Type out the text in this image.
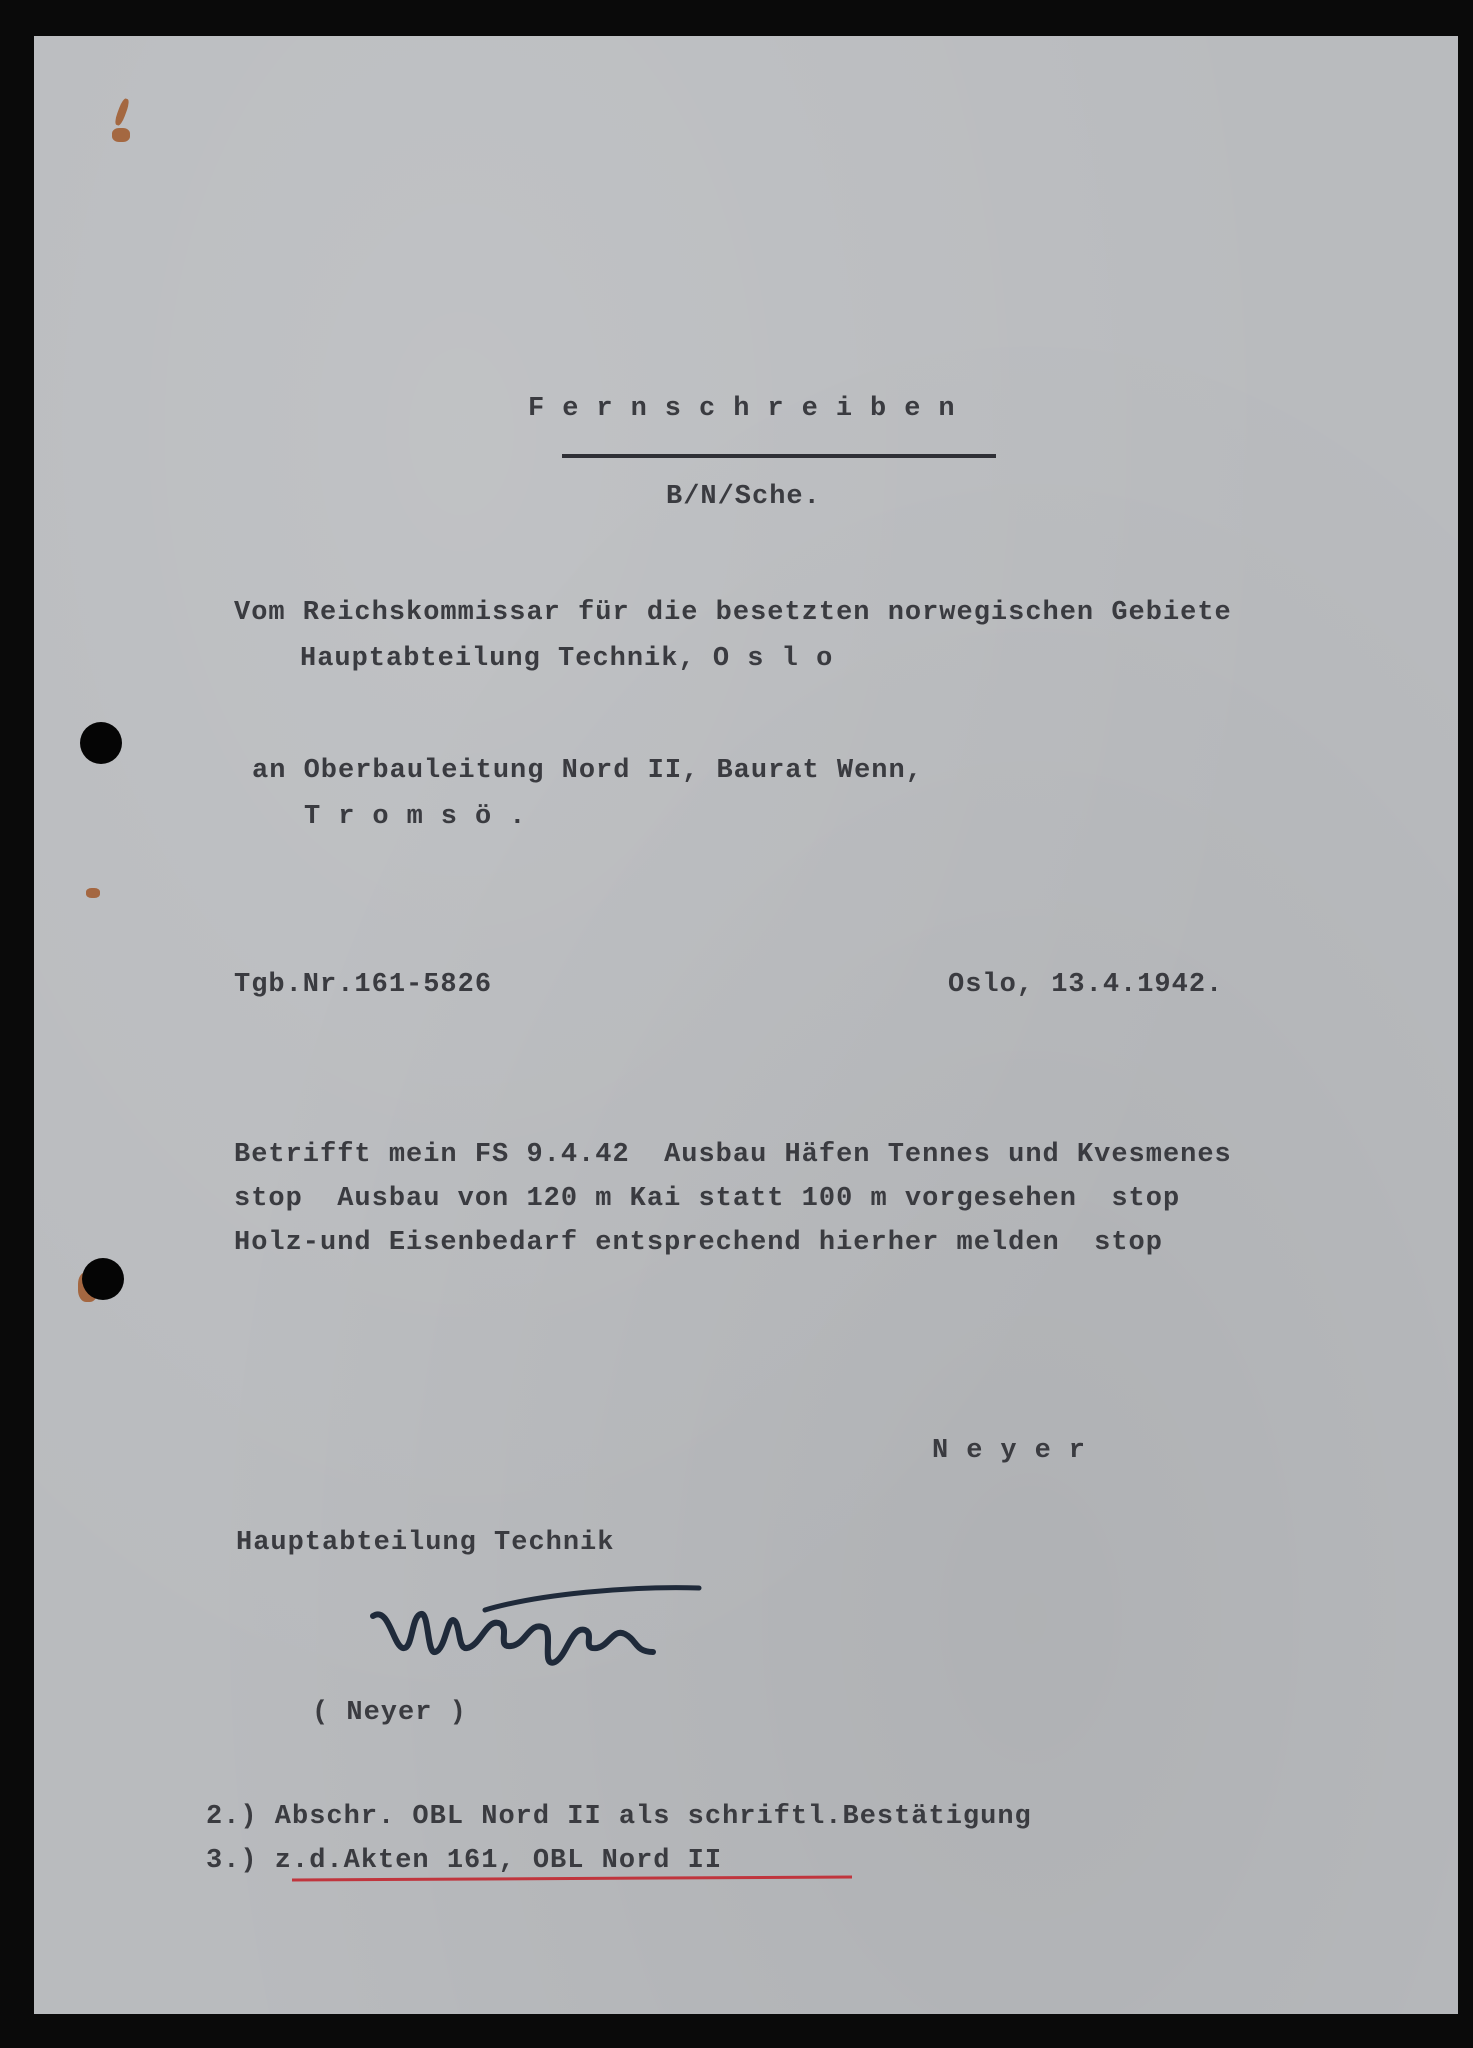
Fernschreiben
B/N/Sche.
Vom Reichskommissar für die besetzten norwegischen Gebiete
Hauptabteilung Technik, O s l o
an Oberbauleitung Nord II, Baurat Wenn,
Tromsö.
Tgb.Nr.161-5826	Oslo, 13.4.1942.
Betrifft mein FS 9.4.42  Ausbau Häfen Tennes und Kvesmenes
stop  Ausbau von 120 m Kai statt 100 m vorgesehen  stop
Holz-und Eisenbedarf entsprechend hierher melden  stop
Neyer
Hauptabteilung Technik
( Neyer )
2.) Abschr. OBL Nord II als schriftl.Bestätigung
3.) z.d.Akten 161, OBL Nord II
